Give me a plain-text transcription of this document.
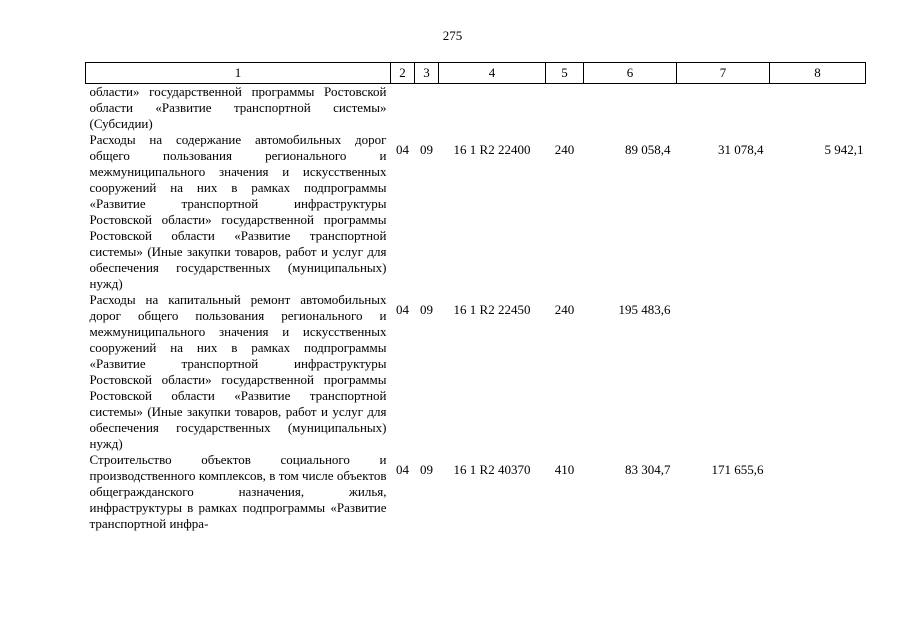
275
1	2	3	4	5	6	7	8
области» государственной программы Ростовской области «Развитие транспортной системы» (Субсидии)							
Расходы на содержание автомобильных дорог общего пользования регионального и межмуниципального значения и искусственных сооружений на них в рамках подпрограммы «Развитие транспортной инфраструктуры Ростовской области» государственной программы Ростовской области «Развитие транспортной системы» (Иные закупки товаров, работ и услуг для обеспечения государственных (муниципальных) нужд)	04	09	16 1 R2 22400	240	89 058,4	31 078,4	5 942,1
Расходы на капитальный ремонт автомобильных дорог общего пользования регионального и межмуниципального значения и искусственных сооружений на них в рамках подпрограммы «Развитие транспортной инфраструктуры Ростовской области» государственной программы Ростовской области «Развитие транспортной системы» (Иные закупки товаров, работ и услуг для обеспечения государственных (муниципальных) нужд)	04	09	16 1 R2 22450	240	195 483,6		
Строительство объектов социального и производственного комплексов, в том числе объектов общегражданского назначения, жилья, инфраструктуры в рамках подпрограммы «Развитие транспортной инфра-	04	09	16 1 R2 40370	410	83 304,7	171 655,6	
